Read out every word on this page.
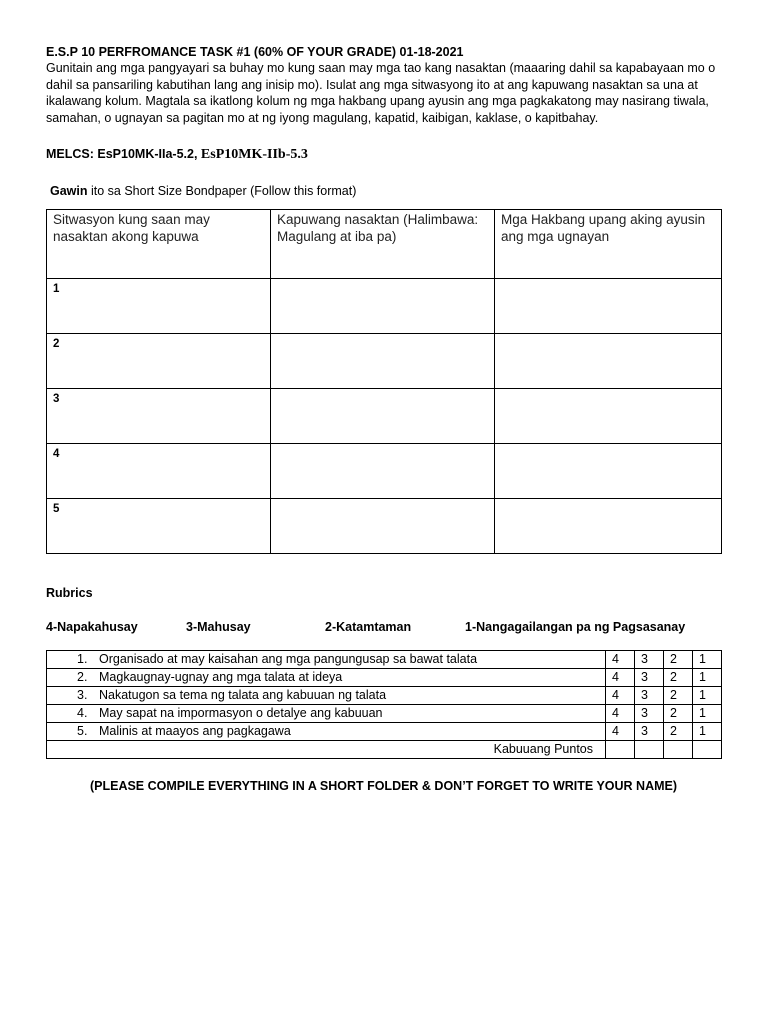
E.S.P 10 PERFROMANCE TASK #1 (60% OF YOUR GRADE) 01-18-2021

Gunitain ang mga pangyayari sa buhay mo kung saan may mga tao kang nasaktan (maaaring dahil sa kapabayaan mo o dahil sa pansariling kabutihan lang ang inisip mo). Isulat ang mga sitwasyong ito at ang kapuwang nasaktan sa una at ikalawang kolum. Magtala sa ikatlong kolum ng mga hakbang upang ayusin ang mga pagkakatong may nasirang tiwala, samahan, o ugnayan sa pagitan mo at ng iyong magulang, kapatid, kaibigan, kaklase, o kapitbahay.

MELCS: EsP10MK-IIa-5.2, EsP10MK-IIb-5.3
Gawin ito sa Short Size Bondpaper (Follow this format)
Sitwasyon kung saan may nasaktan akong kapuwa	Kapuwang nasaktan (Halimbawa: Magulang at iba pa)	Mga Hakbang upang aking ayusin ang mga ugnayan
1		
2		
3		
4		
5		
Rubrics
4-Napakahusay	3-Mahusay	2-Katamtaman	1-Nangagailangan pa ng Pagsasanay
1. Organisado at may kaisahan ang mga pangungusap sa bawat talata	4	3	2	1
2. Magkaugnay-ugnay ang mga talata at ideya	4	3	2	1
3. Nakatugon sa tema ng talata ang kabuuan ng talata	4	3	2	1
4. May sapat na impormasyon o detalye ang kabuuan	4	3	2	1
5. Malinis at maayos ang pagkagawa	4	3	2	1
Kabuuang Puntos				
(PLEASE COMPILE EVERYTHING IN A SHORT FOLDER & DON’T FORGET TO WRITE YOUR NAME)
